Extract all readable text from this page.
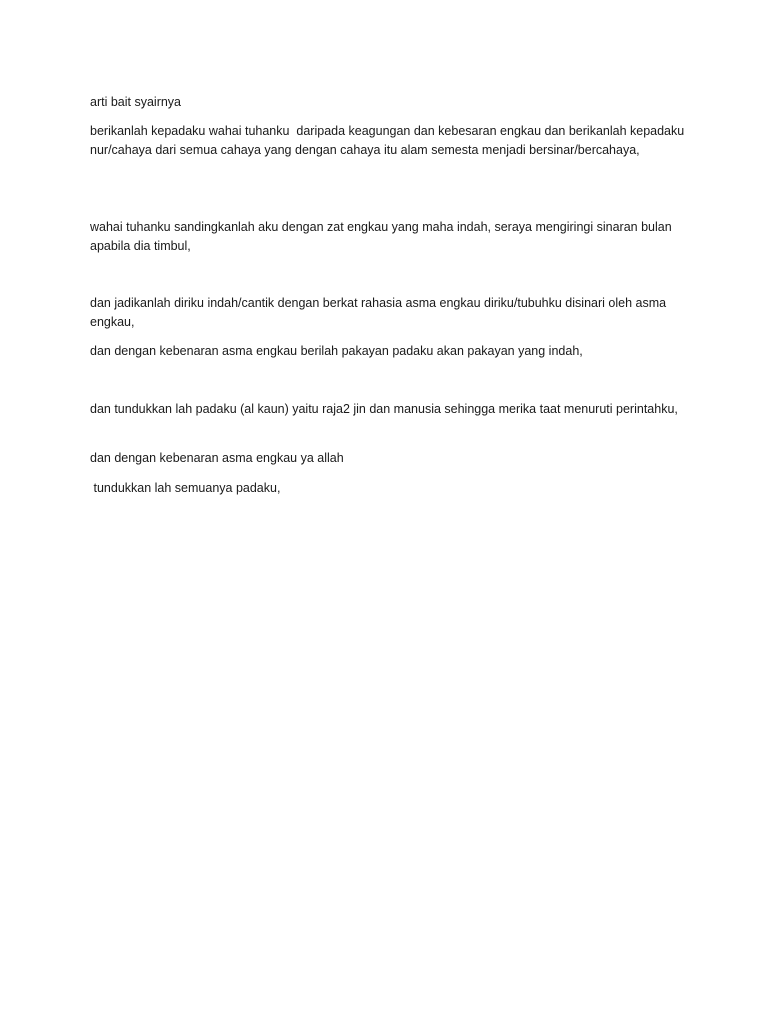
arti bait syairnya

berikanlah kepadaku wahai tuhanku  daripada keagungan dan kebesaran engkau dan berikanlah kepadaku nur/cahaya dari semua cahaya yang dengan cahaya itu alam semesta menjadi bersinar/bercahaya,

wahai tuhanku sandingkanlah aku dengan zat engkau yang maha indah, seraya mengiringi sinaran bulan apabila dia timbul,

dan jadikanlah diriku indah/cantik dengan berkat rahasia asma engkau diriku/tubuhku disinari oleh asma engkau,

dan dengan kebenaran asma engkau berilah pakayan padaku akan pakayan yang indah,

dan tundukkan lah padaku (al kaun) yaitu raja2 jin dan manusia sehingga merika taat menuruti perintahku,

dan dengan kebenaran asma engkau ya allah

tundukkan lah semuanya padaku,
